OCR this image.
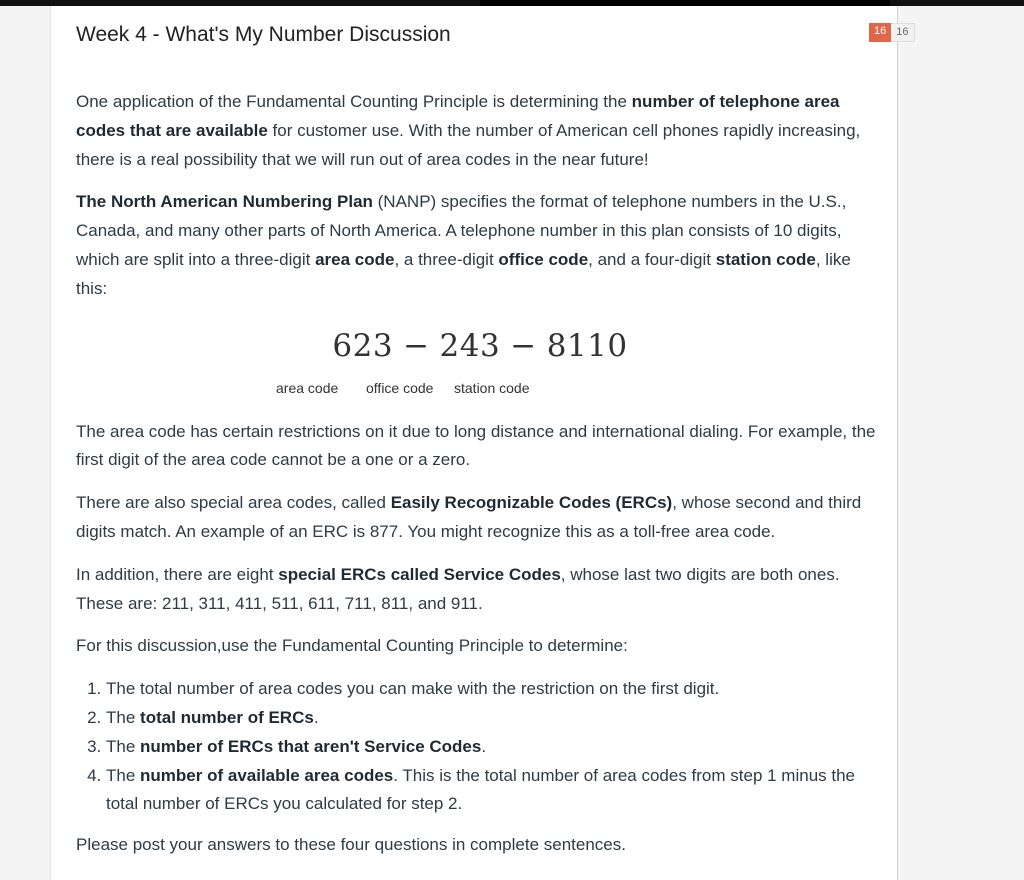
16 16
Week 4 - What's My Number Discussion

One application of the Fundamental Counting Principle is determining the number of telephone area codes that are available for customer use. With the number of American cell phones rapidly increasing, there is a real possibility that we will run out of area codes in the near future!

The North American Numbering Plan (NANP) specifies the format of telephone numbers in the U.S., Canada, and many other parts of North America. A telephone number in this plan consists of 10 digits, which are split into a three-digit area code, a three-digit office code, and a four-digit station code, like this:

623 − 243 − 8110
area code office code station code

The area code has certain restrictions on it due to long distance and international dialing. For example, the first digit of the area code cannot be a one or a zero.

There are also special area codes, called Easily Recognizable Codes (ERCs), whose second and third digits match. An example of an ERC is 877. You might recognize this as a toll-free area code.

In addition, there are eight special ERCs called Service Codes, whose last two digits are both ones. These are: 211, 311, 411, 511, 611, 711, 811, and 911.

For this discussion,use the Fundamental Counting Principle to determine:

1. The total number of area codes you can make with the restriction on the first digit.
2. The total number of ERCs.
3. The number of ERCs that aren't Service Codes.
4. The number of available area codes. This is the total number of area codes from step 1 minus the total number of ERCs you calculated for step 2.

Please post your answers to these four questions in complete sentences.
